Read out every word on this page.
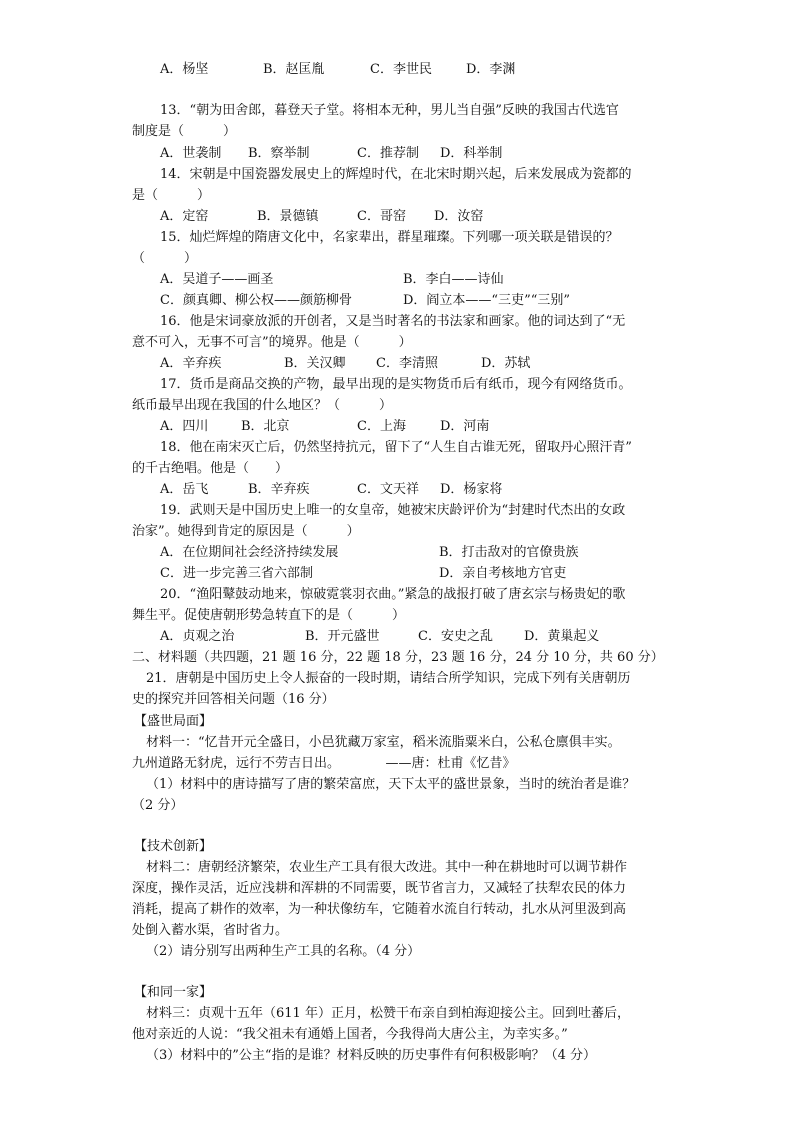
A．杨坚	B．赵匡胤	C．李世民	D．李渊
13．“朝为田舍郎，暮登天子堂。将相本无种，男儿当自强”反映的我国古代选官
制度是（　　　）
A．世袭制 B．察举制	C．推荐制 D．科举制
14．宋朝是中国瓷器发展史上的辉煌时代，在北宋时期兴起，后来发展成为瓷都的
是（　　　）
A．定窑	B．景德镇	C．哥窑 D．汝窑
15．灿烂辉煌的隋唐文化中，名家辈出，群星璀璨。下列哪一项关联是错误的？
（　　　）
A．吴道子——画圣	B．李白——诗仙
C．颜真卿、柳公权——颜筋柳骨	D．阎立本——“三吏”“三别”
16．他是宋词豪放派的开创者，又是当时著名的书法家和画家。他的词达到了“无
意不可入，无事不可言”的境界。他是（　　　）
A．辛弃疾	B．关汉卿 C．李清照	D．苏轼
17．货币是商品交换的产物，最早出现的是实物货币后有纸币，现今有网络货币。
纸币最早出现在我国的什么地区？（　　　）
A．四川	B．北京	C．上海	D．河南
18．他在南宋灭亡后，仍然坚持抗元，留下了“人生自古谁无死，留取丹心照汗青”
的千古绝唱。他是（　　）
A．岳飞	B．辛弃疾	C．文天祥 D．杨家将
19．武则天是中国历史上唯一的女皇帝，她被宋庆龄评价为“封建时代杰出的女政
治家”。她得到肯定的原因是（　　　）
A．在位期间社会经济持续发展	B．打击敌对的官僚贵族
C．进一步完善三省六部制	D．亲自考核地方官吏
20．“渔阳鼙鼓动地来，惊破霓裳羽衣曲。”紧急的战报打破了唐玄宗与杨贵妃的歌
舞生平。促使唐朝形势急转直下的是（　　　）
A．贞观之治	B．开元盛世	C．安史之乱 D．黄巢起义
二、材料题（共四题，21 题 16 分，22 题 18 分，23 题 16 分，24 分 10 分，共 60 分）
21．唐朝是中国历史上令人振奋的一段时期，请结合所学知识，完成下列有关唐朝历
史的探究并回答相关问题（16 分）
【盛世局面】
材料一：“忆昔开元全盛日，小邑犹藏万家室，稻米流脂粟米白，公私仓廪俱丰实。
九州道路无豺虎，远行不劳吉日出。　　　　——唐：杜甫《忆昔》
（1）材料中的唐诗描写了唐的繁荣富庶，天下太平的盛世景象，当时的统治者是谁？
（2 分）
【技术创新】
材料二：唐朝经济繁荣，农业生产工具有很大改进。其中一种在耕地时可以调节耕作
深度，操作灵活，近应浅耕和浑耕的不同需要，既节省言力，又减轻了扶犁农民的体力
消耗，提高了耕作的效率，为一种状像纺车，它随着水流自行转动，扎水从河里汲到高
处倒入蓄水渠，省时省力。
（2）请分别写出两种生产工具的名称。（4 分）
【和同一家】
材料三：贞观十五年（611 年）正月，松赞干布亲自到柏海迎接公主。回到吐蕃后，
他对亲近的人说：“我父祖未有通婚上国者，今我得尚大唐公主，为幸实多。”
（3）材料中的”公主“指的是谁？材料反映的历史事件有何积极影响？（4 分）
